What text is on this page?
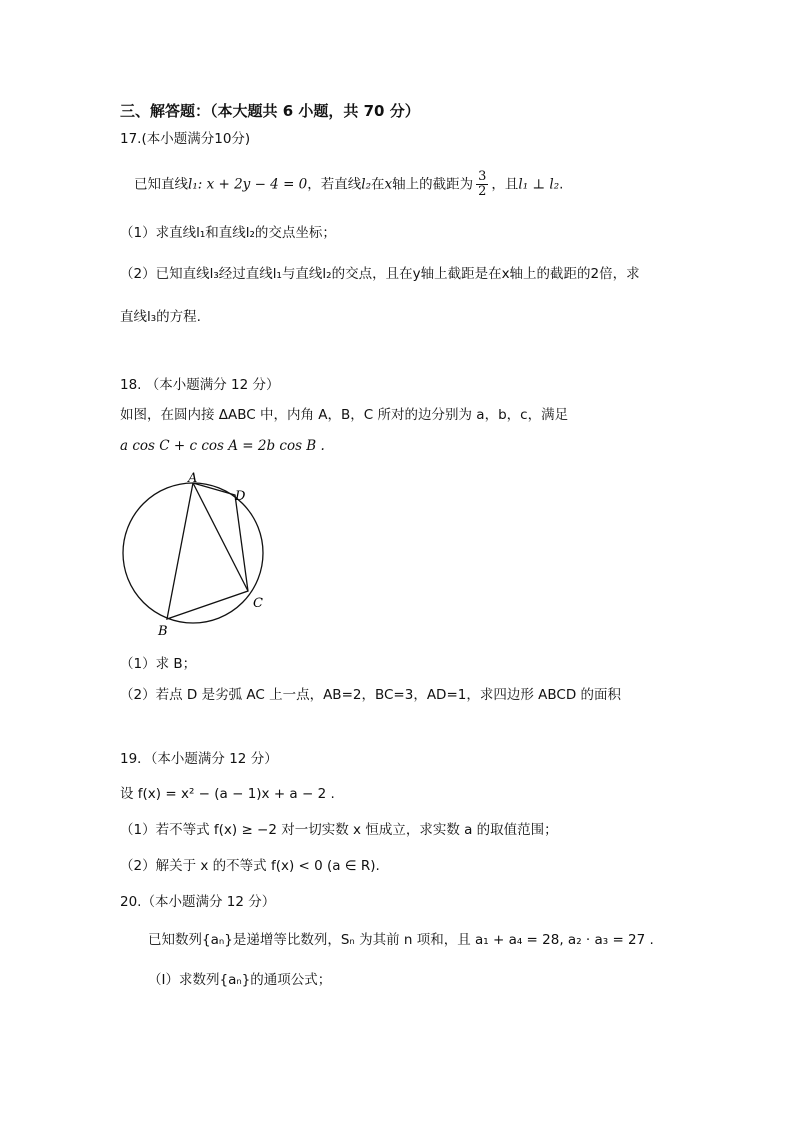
三、解答题：（本大题共 6 小题，共 70 分）
17.(本小题满分10分)
已知直线l₁: x + 2y − 4 = 0，若直线l₂在x轴上的截距为 $\frac{3}{2}$ ，且l₁ ⊥ l₂.
（1）求直线l₁和直线l₂的交点坐标；
（2）已知直线l₃经过直线l₁与直线l₂的交点，且在y轴上截距是在x轴上的截距的2倍，求
直线l₃的方程.
18. （本小题满分 12 分）
如图，在圆内接 ΔABC 中，内角 A，B，C 所对的边分别为 a，b，c，满足
a cos C + c cos A = 2b cos B .
A
D
C
B
（1）求 B；
（2）若点 D 是劣弧 AC 上一点，AB=2，BC=3，AD=1，求四边形 ABCD 的面积
19．（本小题满分 12 分）
设 f(x) = x² − (a − 1)x + a − 2 .
（1）若不等式 f(x) ≥ −2 对一切实数 x 恒成立，求实数 a 的取值范围；
（2）解关于 x 的不等式 f(x) < 0 (a ∈ R).
20.（本小题满分 12 分）
已知数列{aₙ}是递增等比数列，Sₙ 为其前 n 项和，且 a₁ + a₄ = 28, a₂ · a₃ = 27 .
（Ⅰ）求数列{aₙ}的通项公式；
